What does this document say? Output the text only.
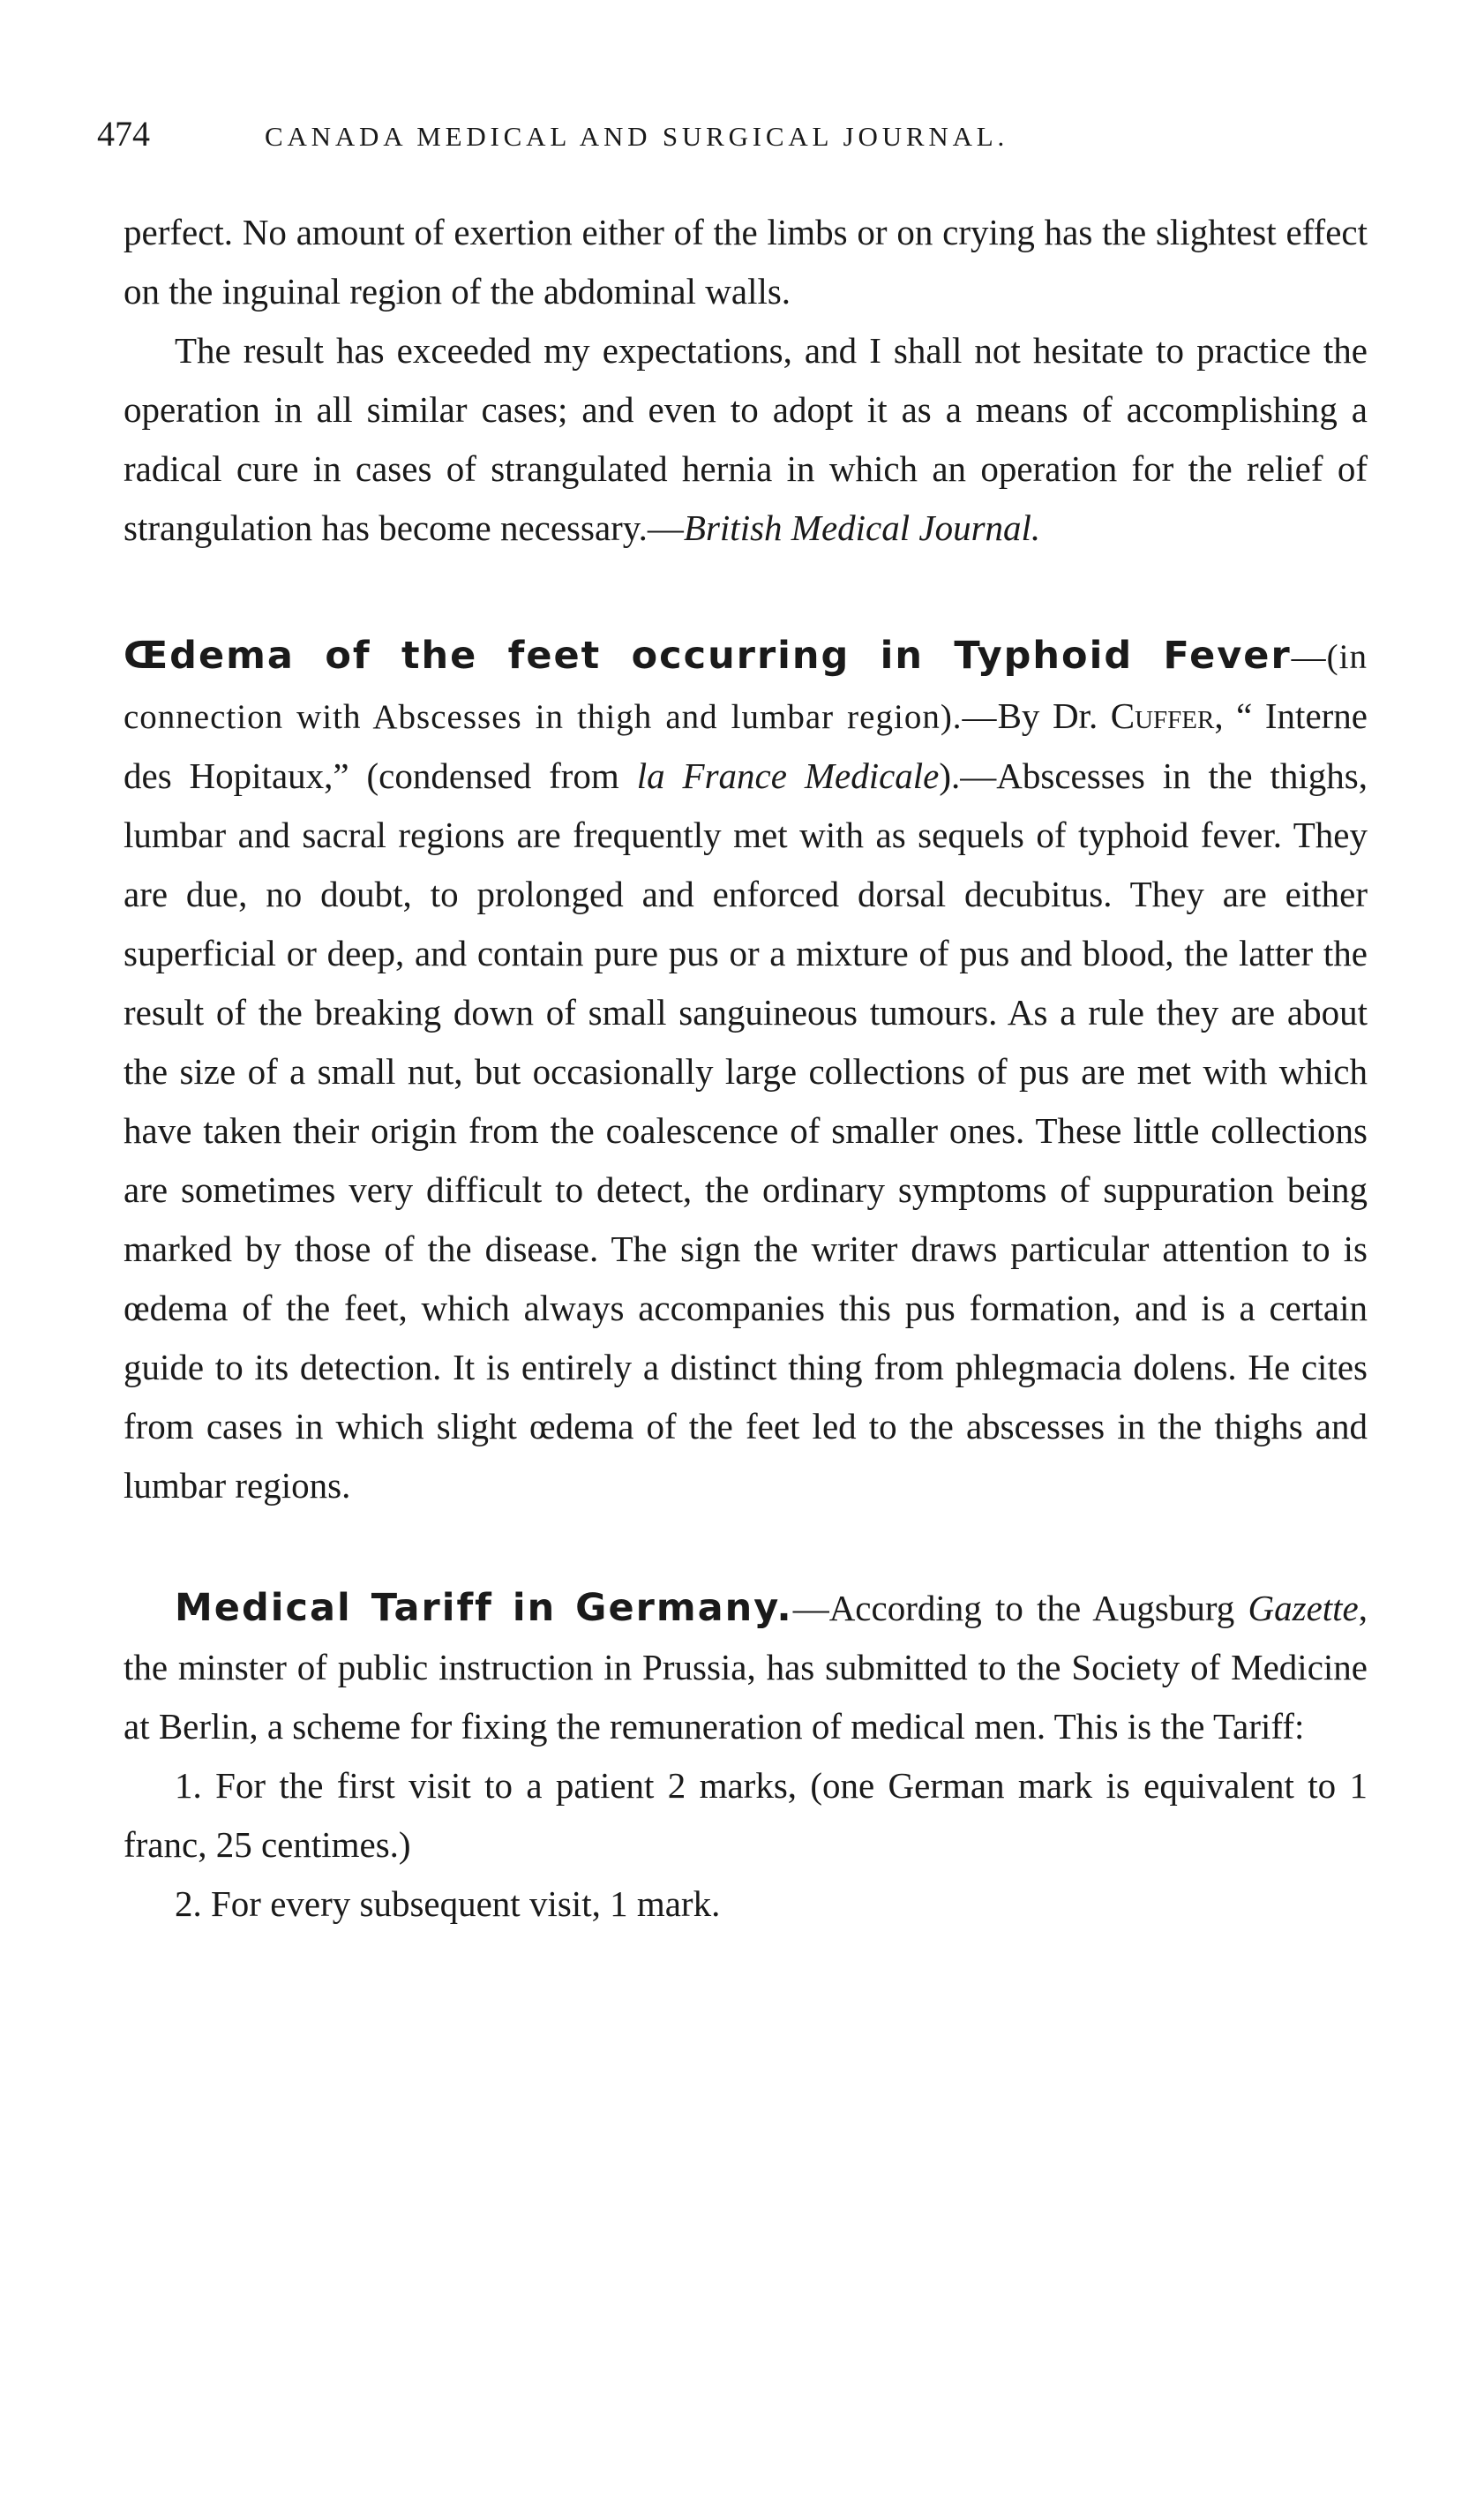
474	CANADA MEDICAL AND SURGICAL JOURNAL.

perfect. No amount of exertion either of the limbs or on crying has the slightest effect on the inguinal region of the abdominal walls.

The result has exceeded my expectations, and I shall not hesitate to practice the operation in all similar cases; and even to adopt it as a means of accomplishing a radical cure in cases of strangulated hernia in which an operation for the relief of strangulation has become necessary.—British Medical Journal.

Œdema of the feet occurring in Typhoid Fever—(in connection with Abscesses in thigh and lumbar region).—By Dr. Cuffer, “ Interne des Hopitaux,” (condensed from la France Medicale).—Abscesses in the thighs, lumbar and sacral regions are frequently met with as sequels of typhoid fever. They are due, no doubt, to prolonged and enforced dorsal decubitus. They are either superficial or deep, and contain pure pus or a mixture of pus and blood, the latter the result of the breaking down of small sanguineous tumours. As a rule they are about the size of a small nut, but occasionally large collections of pus are met with which have taken their origin from the coalescence of smaller ones. These little collections are sometimes very difficult to detect, the ordinary symptoms of suppuration being marked by those of the disease. The sign the writer draws particular attention to is œdema of the feet, which always accompanies this pus formation, and is a certain guide to its detection. It is entirely a distinct thing from phlegmacia dolens. He cites from cases in which slight œdema of the feet led to the abscesses in the thighs and lumbar regions.

Medical Tariff in Germany.—According to the Augsburg Gazette, the minster of public instruction in Prussia, has submitted to the Society of Medicine at Berlin, a scheme for fixing the remuneration of medical men. This is the Tariff:

1. For the first visit to a patient 2 marks, (one German mark is equivalent to 1 franc, 25 centimes.)

2. For every subsequent visit, 1 mark.
